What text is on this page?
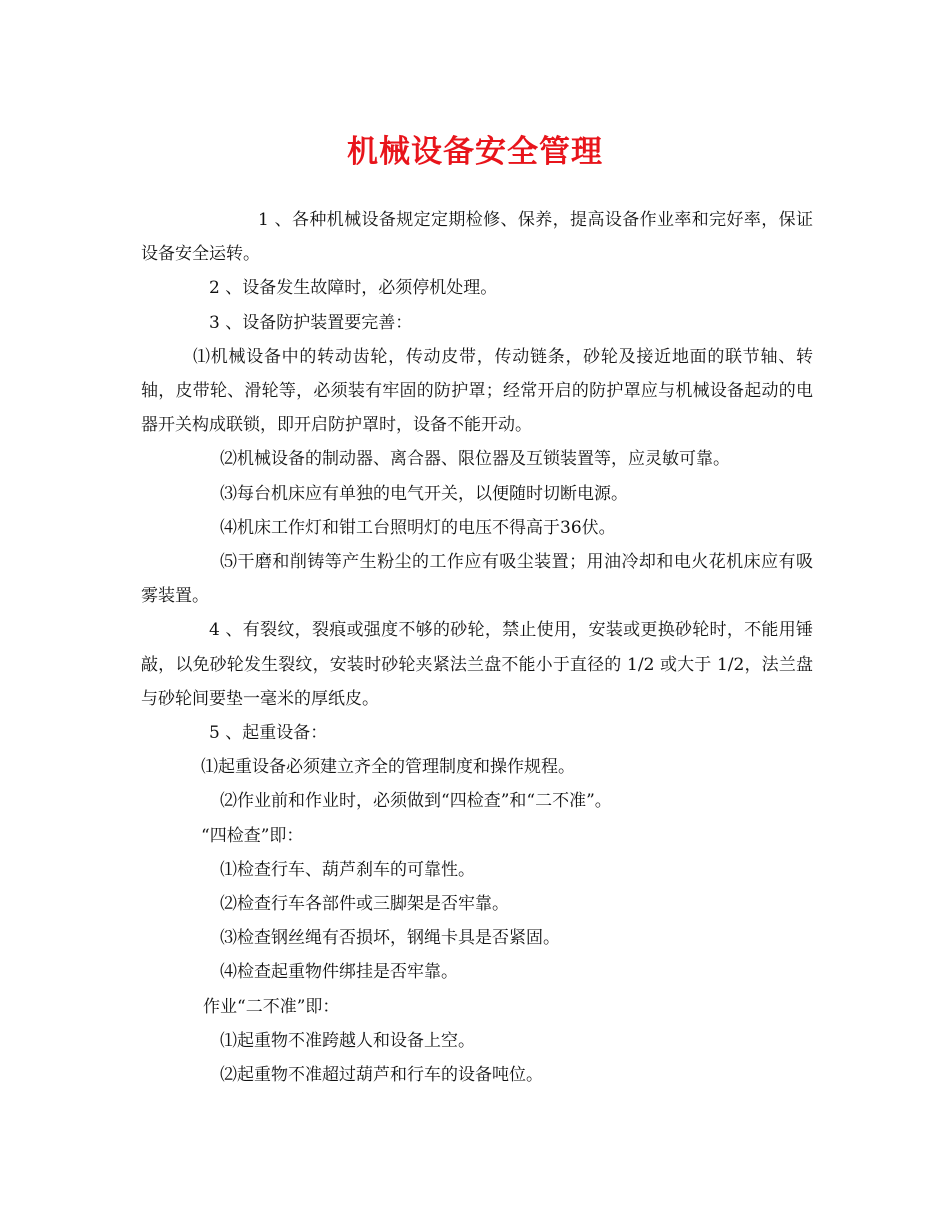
机械设备安全管理

1 、各种机械设备规定定期检修、保养，提高设备作业率和完好率，保证设备安全运转。

2 、设备发生故障时，必须停机处理。

3 、设备防护装置要完善：

⑴机械设备中的转动齿轮，传动皮带，传动链条，砂轮及接近地面的联节轴、转轴，皮带轮、滑轮等，必须装有牢固的防护罩；经常开启的防护罩应与机械设备起动的电器开关构成联锁，即开启防护罩时，设备不能开动。

⑵机械设备的制动器、离合器、限位器及互锁装置等，应灵敏可靠。

⑶每台机床应有单独的电气开关，以便随时切断电源。

⑷机床工作灯和钳工台照明灯的电压不得高于36伏。

⑸干磨和削铸等产生粉尘的工作应有吸尘装置；用油冷却和电火花机床应有吸雾装置。

4 、有裂纹，裂痕或强度不够的砂轮，禁止使用，安装或更换砂轮时，不能用锤敲，以免砂轮发生裂纹，安装时砂轮夹紧法兰盘不能小于直径的 1/2 或大于 1/2，法兰盘与砂轮间要垫一毫米的厚纸皮。

5 、起重设备：

⑴起重设备必须建立齐全的管理制度和操作规程。

⑵作业前和作业时，必须做到“四检查”和“二不准”。

“四检查”即：

⑴检查行车、葫芦刹车的可靠性。

⑵检查行车各部件或三脚架是否牢靠。

⑶检查钢丝绳有否损坏，钢绳卡具是否紧固。

⑷检查起重物件绑挂是否牢靠。

作业“二不准”即：

⑴起重物不准跨越人和设备上空。

⑵起重物不准超过葫芦和行车的设备吨位。
